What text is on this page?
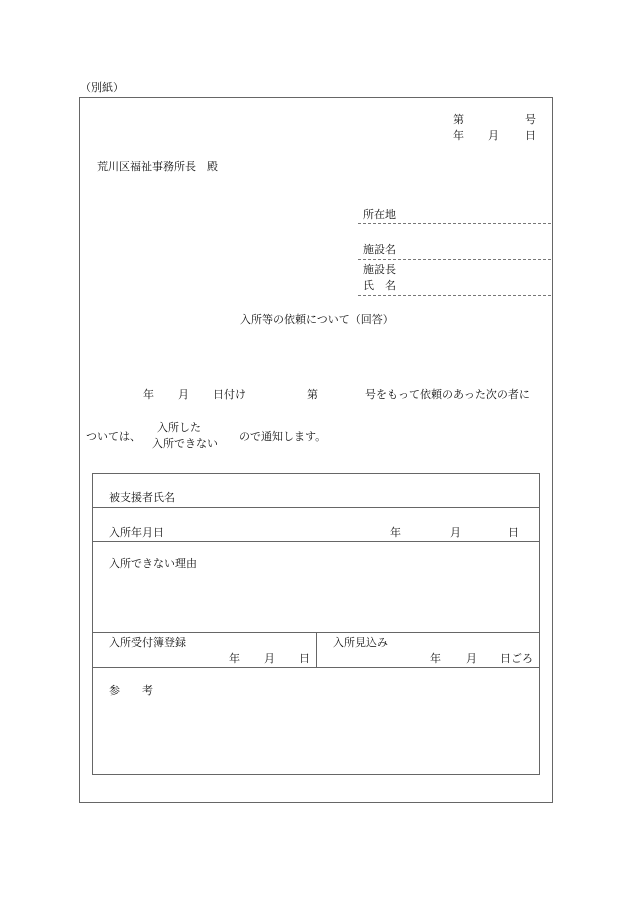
（別紙）
第	号
年 月 日
荒川区福祉事務所長　殿
所在地
施設名
施設長
氏　名
入所等の依頼について（回答）
年 月 日付け	第	号をもって依頼のあった次の者に
ついては、
入所した
入所できない
ので通知します。
被支援者氏名
入所年月日	年	月	日
入所できない理由
入所受付簿登録
年 月 日
入所見込み
年 月 日ごろ
参　　考
